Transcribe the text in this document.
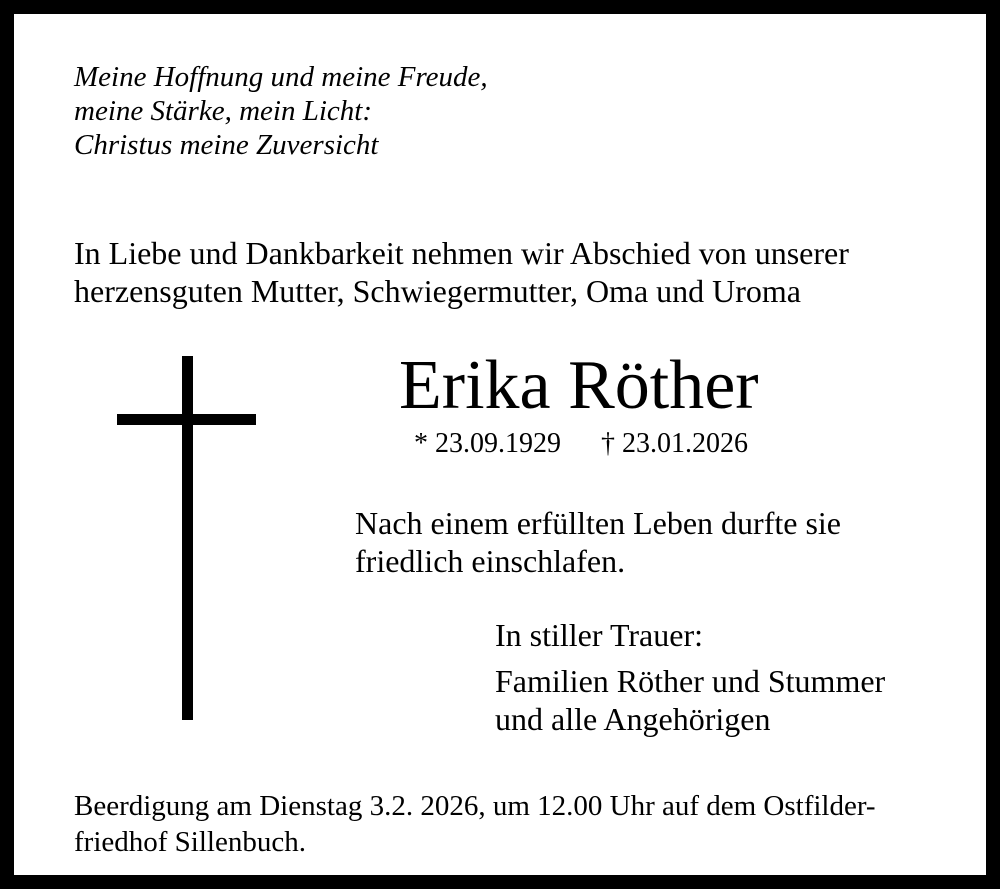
Meine Hoffnung und meine Freude,
meine Stärke, mein Licht:
Christus meine Zuversicht
In Liebe und Dankbarkeit nehmen wir Abschied von unserer
herzensguten Mutter, Schwiegermutter, Oma und Uroma
Erika Röther
* 23.09.1929 † 23.01.2026
Nach einem erfüllten Leben durfte sie
friedlich einschlafen.
In stiller Trauer:
Familien Röther und Stummer
und alle Angehörigen
Beerdigung am Dienstag 3.2. 2026, um 12.00 Uhr auf dem Ostfilder-
friedhof Sillenbuch.
